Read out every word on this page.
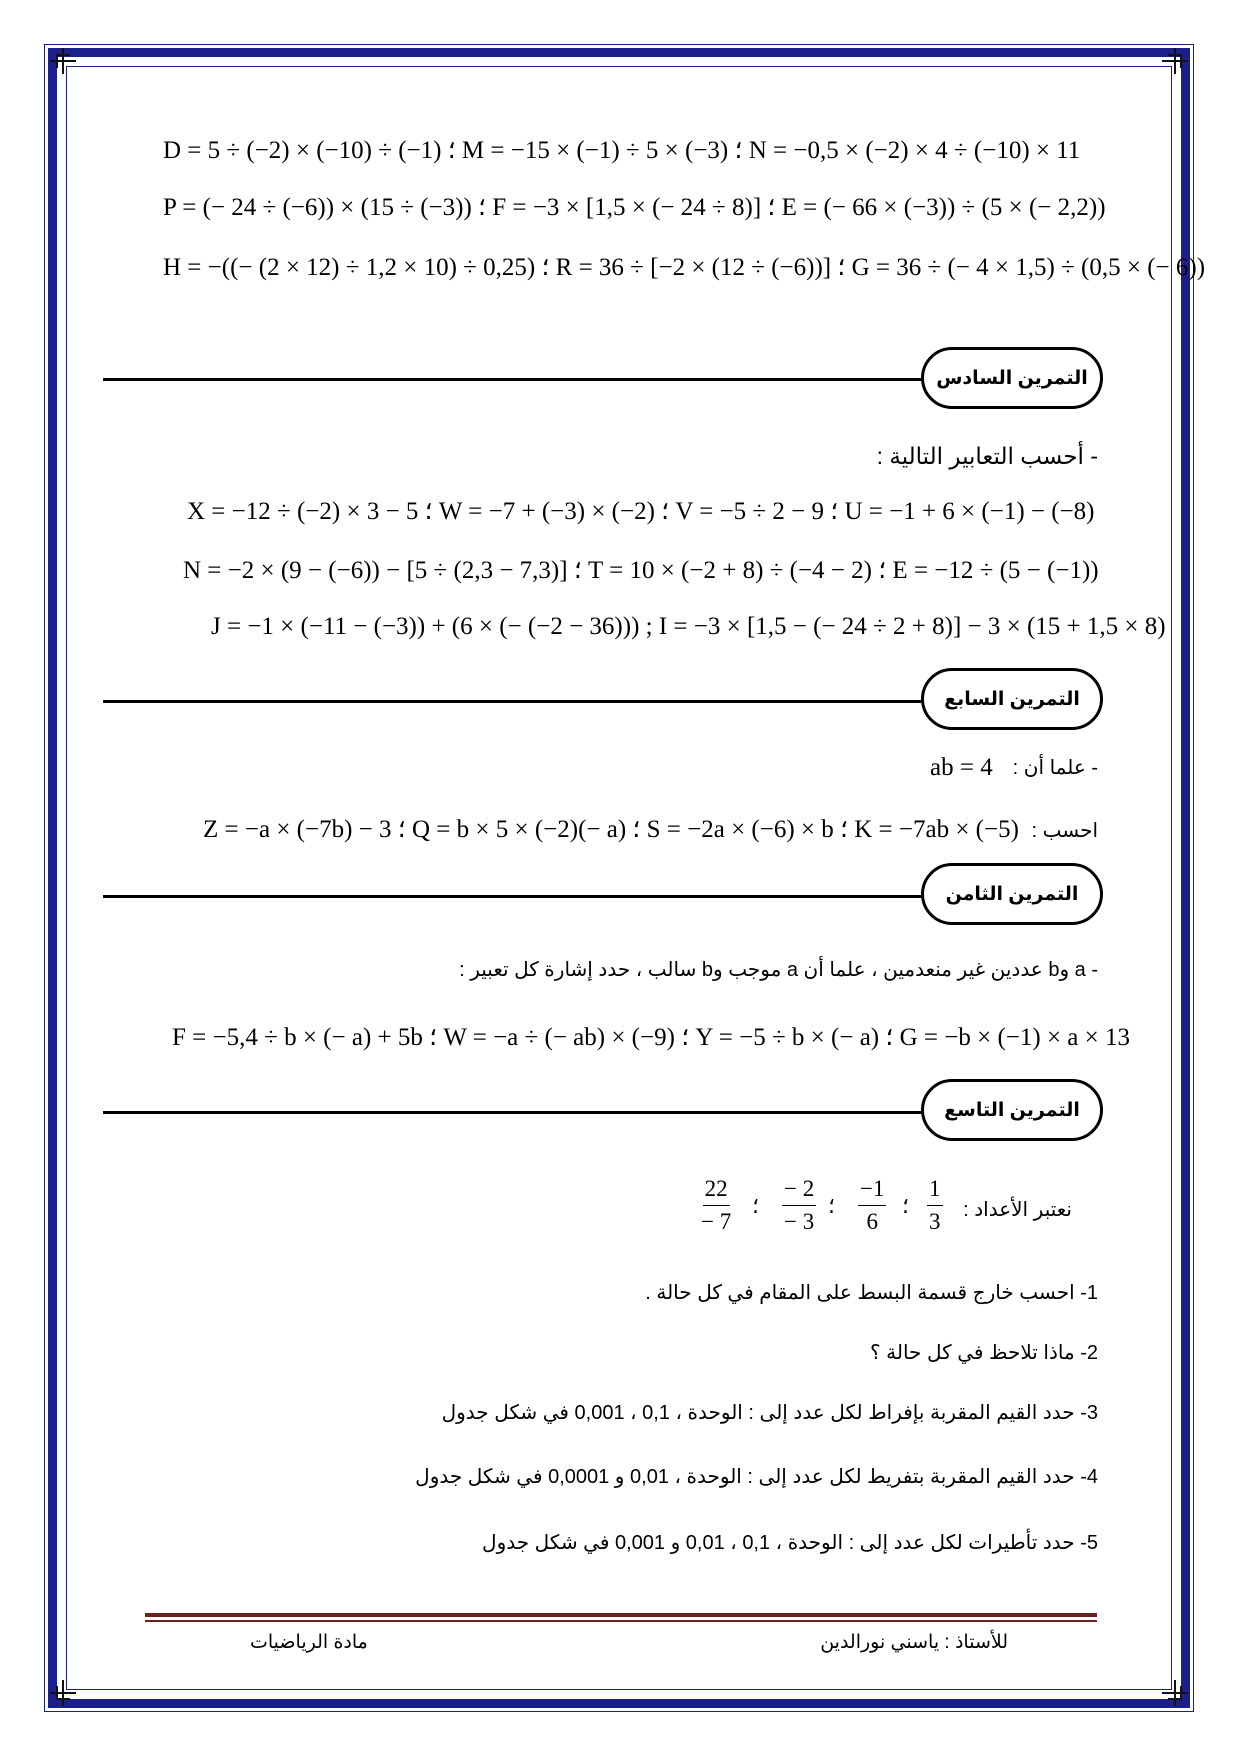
D = 5 ÷ (−2) × (−10) ÷ (−1) ؛ M = −15 × (−1) ÷ 5 × (−3) ؛ N = −0,5 × (−2) × 4 ÷ (−10) × 11
P = (− 24 ÷ (−6)) × (15 ÷ (−3)) ؛ F = −3 × [1,5 × (− 24 ÷ 8)] ؛ E = (− 66 × (−3)) ÷ (5 × (− 2,2))
H = −((− (2 × 12) ÷ 1,2 × 10) ÷ 0,25) ؛ R = 36 ÷ [−2 × (12 ÷ (−6))] ؛ G = 36 ÷ (− 4 × 1,5) ÷ (0,5 × (− 6))
التمرين السادس
- أحسب التعابير التالية :
X = −12 ÷ (−2) × 3 − 5 ؛ W = −7 + (−3) × (−2) ؛ V = −5 ÷ 2 − 9 ؛ U = −1 + 6 × (−1) − (−8)
N = −2 × (9 − (−6)) − [5 ÷ (2,3 − 7,3)] ؛ T = 10 × (−2 + 8) ÷ (−4 − 2) ؛ E = −12 ÷ (5 − (−1))
J = −1 × (−11 − (−3)) + (6 × (− (−2 − 36))) ; I = −3 × [1,5 − (− 24 ÷ 2 + 8)] − 3 × (15 + 1,5 × 8)
التمرين السابع
- علما أن :
ab = 4
Z = −a × (−7b) − 3 ؛ Q = b × 5 × (−2)(− a) ؛ S = −2a × (−6) × b ؛ K = −7ab × (−5) احسب :
التمرين الثامن
- a وb عددين غير منعدمين ، علما أن a موجب وb سالب ، حدد إشارة كل تعبير :
F = −5,4 ÷ b × (− a) + 5b ؛ W = −a ÷ (− ab) × (−9) ؛ Y = −5 ÷ b × (− a) ؛ G = −b × (−1) × a × 13
التمرين التاسع
نعتبر الأعداد :
$\frac{1}{3}$
؛
$\frac{-1}{6}$
؛
$\frac{- 2}{- 3}$
؛
$\frac{22}{- 7}$
1- احسب خارج قسمة البسط على المقام في كل حالة .
2- ماذا تلاحظ في كل حالة ؟
3- حدد القيم المقربة بإفراط لكل عدد إلى : الوحدة ، 0,1 ، 0,001 في شكل جدول
4- حدد القيم المقربة بتفريط لكل عدد إلى : الوحدة ، 0,01 و 0,0001 في شكل جدول
5- حدد تأطيرات لكل عدد إلى : الوحدة ، 0,1 ، 0,01 و 0,001 في شكل جدول
للأستاذ : ياسني نورالدين
مادة الرياضيات
